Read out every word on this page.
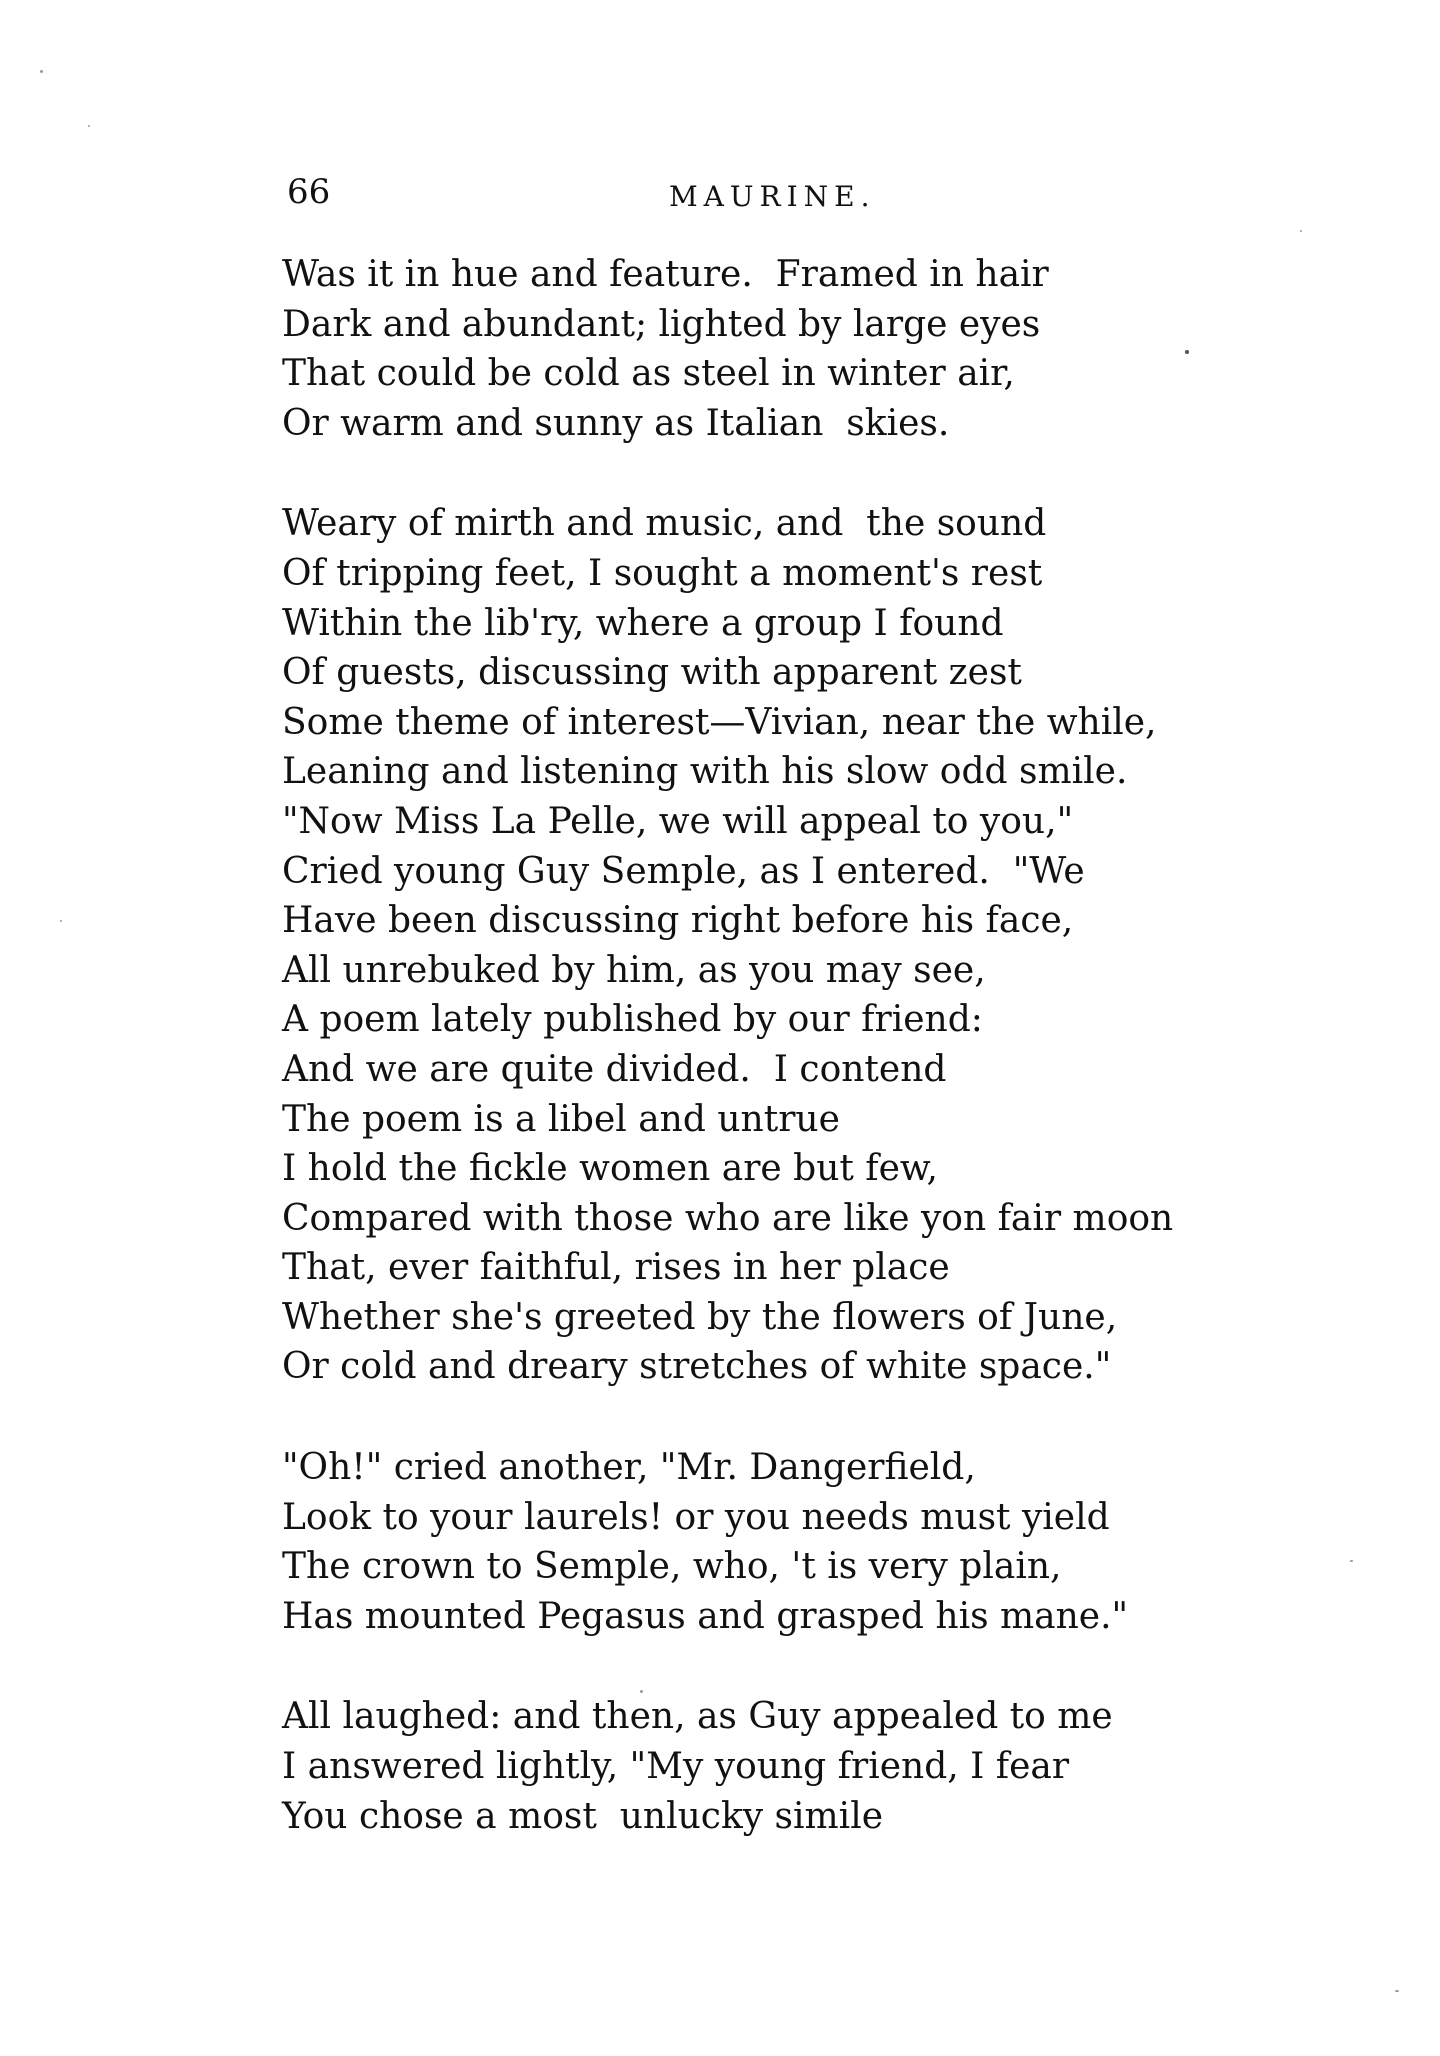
66	MAURINE.
Was it in hue and feature.  Framed in hair
Dark and abundant; lighted by large eyes
That could be cold as steel in winter air,
Or warm and sunny as Italian  skies.
Weary of mirth and music, and  the sound
Of tripping feet, I sought a moment's rest
Within the lib'ry, where a group I found
Of guests, discussing with apparent zest
Some theme of interest—Vivian, near the while,
Leaning and listening with his slow odd smile.
"Now Miss La Pelle, we will appeal to you,"
Cried young Guy Semple, as I entered.  "We
Have been discussing right before his face,
All unrebuked by him, as you may see,
A poem lately published by our friend:
And we are quite divided.  I contend
The poem is a libel and untrue
I hold the fickle women are but few,
Compared with those who are like yon fair moon
That, ever faithful, rises in her place
Whether she's greeted by the flowers of June,
Or cold and dreary stretches of white space."
"Oh!" cried another, "Mr. Dangerfield,
Look to your laurels! or you needs must yield
The crown to Semple, who, 't is very plain,
Has mounted Pegasus and grasped his mane."
All laughed: and then, as Guy appealed to me
I answered lightly, "My young friend, I fear
You chose a most  unlucky simile
